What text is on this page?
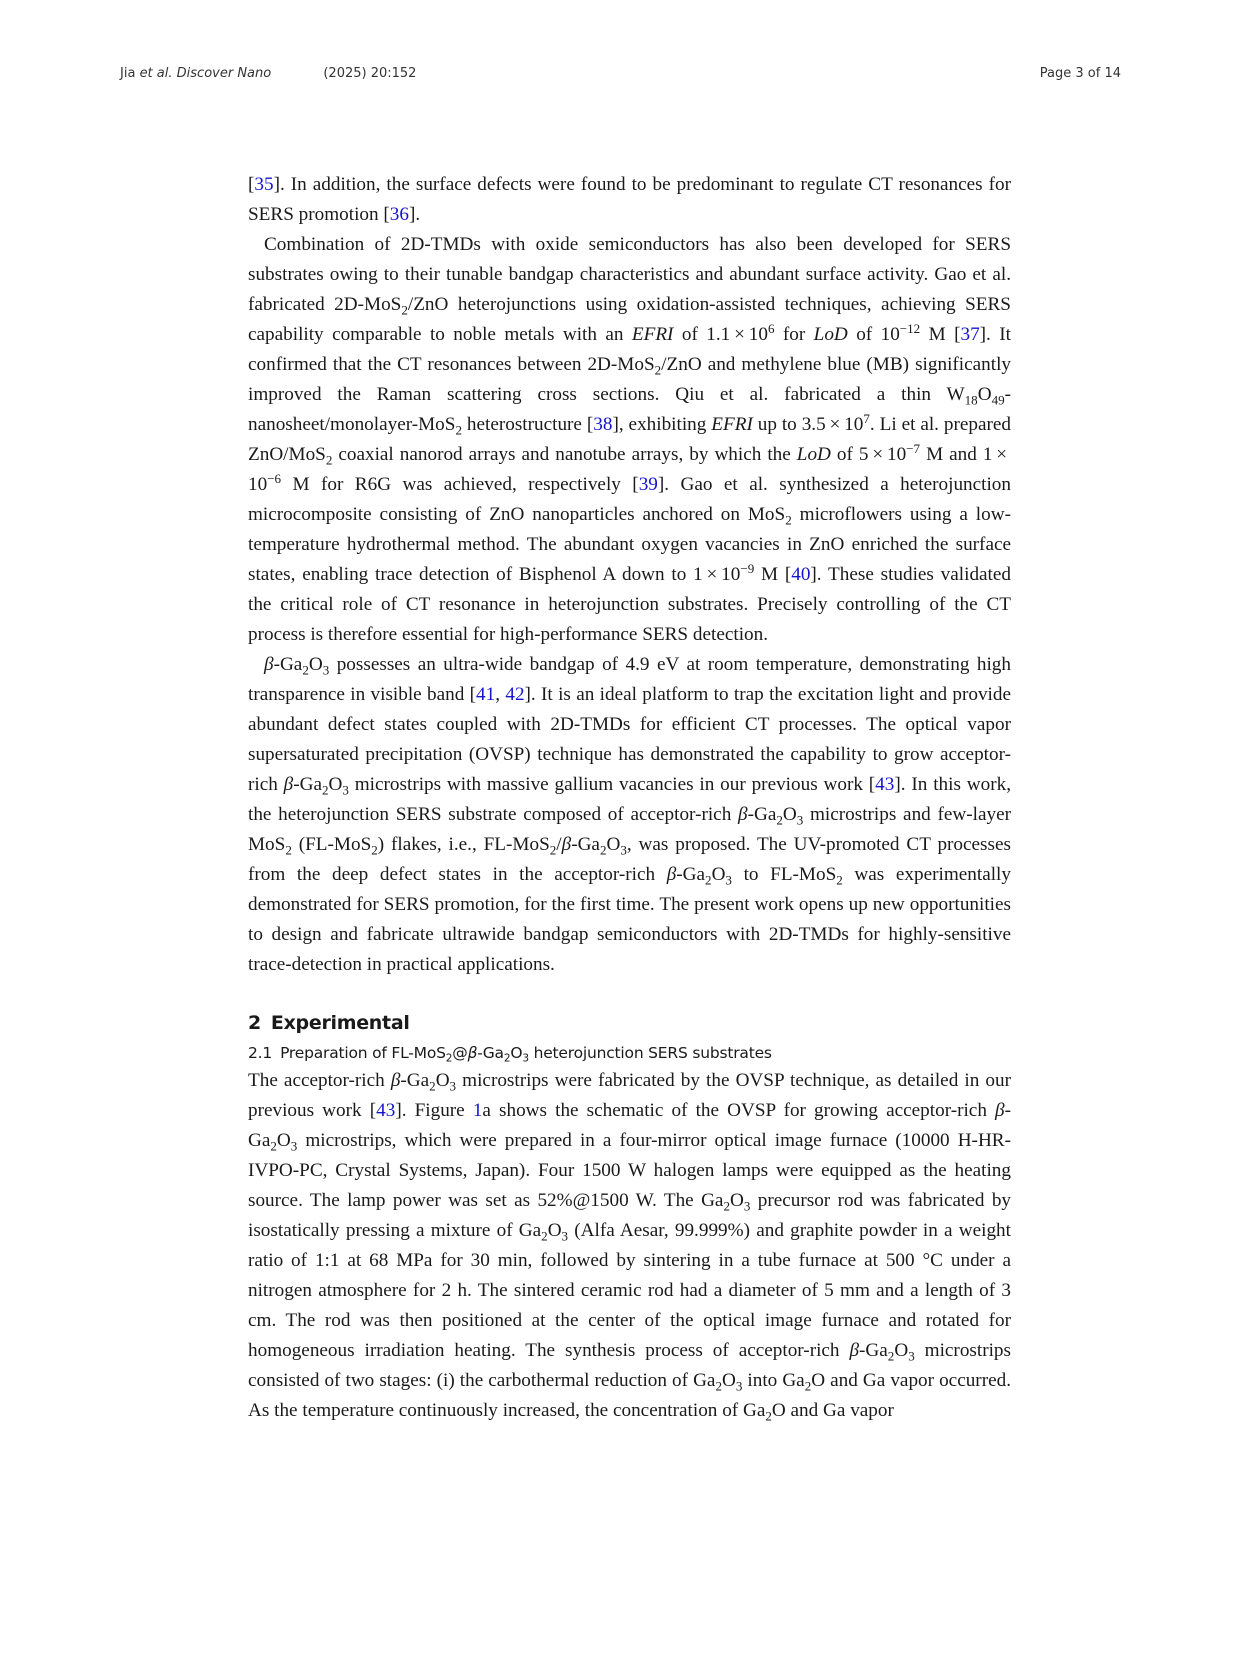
Jia et al. Discover Nano	(2025) 20:152	Page 3 of 14

[35]. In addition, the surface defects were found to be predominant to regulate CT resonances for SERS promotion [36].

Combination of 2D-TMDs with oxide semiconductors has also been developed for SERS substrates owing to their tunable bandgap characteristics and abundant surface activity. Gao et al. fabricated 2D-MoS$_2$/ZnO heterojunctions using oxidation-assisted techniques, achieving SERS capability comparable to noble metals with an EFRI of $1.1 \times 10^6$ for LoD of $10^{-12}$ M [37]. It confirmed that the CT resonances between 2D-MoS$_2$/ZnO and methylene blue (MB) significantly improved the Raman scattering cross sections. Qiu et al. fabricated a thin $W_{18}O_{49}-nanosheet/monolayer-MoS_2$ heterostructure [38], exhibiting EFRI up to $3.5 \times 10^7$. Li et al. prepared ZnO/MoS$_2$ coaxial nanorod arrays and nanotube arrays, by which the LoD of $5 \times 10^{-7}$ M and $1 \times 10^{-6}$ M for R6G was achieved, respectively [39]. Gao et al. synthesized a heterojunction microcomposite consisting of ZnO nanoparticles anchored on MoS$_2$ microflowers using a low-temperature hydrothermal method. The abundant oxygen vacancies in ZnO enriched the surface states, enabling trace detection of Bisphenol A down to $1 \times 10^{-9}$ M [40]. These studies validated the critical role of CT resonance in heterojunction substrates. Precisely controlling of the CT process is therefore essential for high-performance SERS detection.

$\beta-Ga_2O_3$ possesses an ultra-wide bandgap of 4.9 eV at room temperature, demonstrating high transparence in visible band [41, 42]. It is an ideal platform to trap the excitation light and provide abundant defect states coupled with 2D-TMDs for efficient CT processes. The optical vapor supersaturated precipitation (OVSP) technique has demonstrated the capability to grow acceptor-rich $\beta-Ga_2O_3$ microstrips with massive gallium vacancies in our previous work [43]. In this work, the heterojunction SERS substrate composed of acceptor-rich $\beta-Ga_2O_3$ microstrips and few-layer MoS$_2$ (FL-MoS$_2$) flakes, i.e., $FL-MoS_2/\beta-Ga_2O_3$, was proposed. The UV-promoted CT processes from the deep defect states in the acceptor-rich $\beta-Ga_2O_3$ to FL-MoS$_2$ was experimentally demonstrated for SERS promotion, for the first time. The present work opens up new opportunities to design and fabricate ultrawide bandgap semiconductors with 2D-TMDs for highly-sensitive trace-detection in practical applications.

2 Experimental
2.1 Preparation of $FL-MoS_2@\beta-Ga_2O_3$ heterojunction SERS substrates

The acceptor-rich $\beta-Ga_2O_3$ microstrips were fabricated by the OVSP technique, as detailed in our previous work [43]. Figure 1a shows the schematic of the OVSP for growing acceptor-rich $\beta-Ga_2O_3$ microstrips, which were prepared in a four-mirror optical image furnace (10000 H-HR-IVPO-PC, Crystal Systems, Japan). Four 1500 W halogen lamps were equipped as the heating source. The lamp power was set as 52%@1500 W. The $Ga_2O_3$ precursor rod was fabricated by isostatically pressing a mixture of $Ga_2O_3$ (Alfa Aesar, 99.999%) and graphite powder in a weight ratio of 1:1 at 68 MPa for 30 min, followed by sintering in a tube furnace at 500 °C under a nitrogen atmosphere for 2 h. The sintered ceramic rod had a diameter of 5 mm and a length of 3 cm. The rod was then positioned at the center of the optical image furnace and rotated for homogeneous irradiation heating. The synthesis process of acceptor-rich $\beta-Ga_2O_3$ microstrips consisted of two stages: (i) the carbothermal reduction of $Ga_2O_3$ into $Ga_2O$ and Ga vapor occurred. As the temperature continuously increased, the concentration of $Ga_2O$ and Ga vapor
